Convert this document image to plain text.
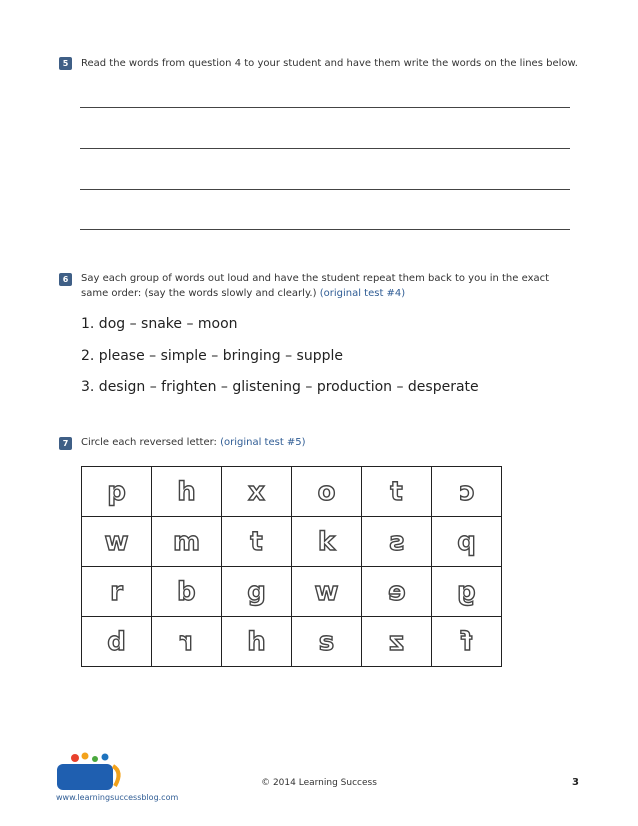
5	Read the words from question 4 to your student and have them write the words on the lines below.
6	Say each group of words out loud and have the student repeat them back to you in the exact same order: (say the words slowly and clearly.) (original test #4)
1. dog – snake – moon
2. please – simple – bringing – supple
3. design – frighten – glistening – production – desperate
7	Circle each reversed letter: (original test #5)
p	h	x	o	t	c
w	m	t	k	s	q
r	d	g	w	e	g
d	r	h	s	z	f
© 2014 Learning Success	3
www.learningsuccessblog.com
